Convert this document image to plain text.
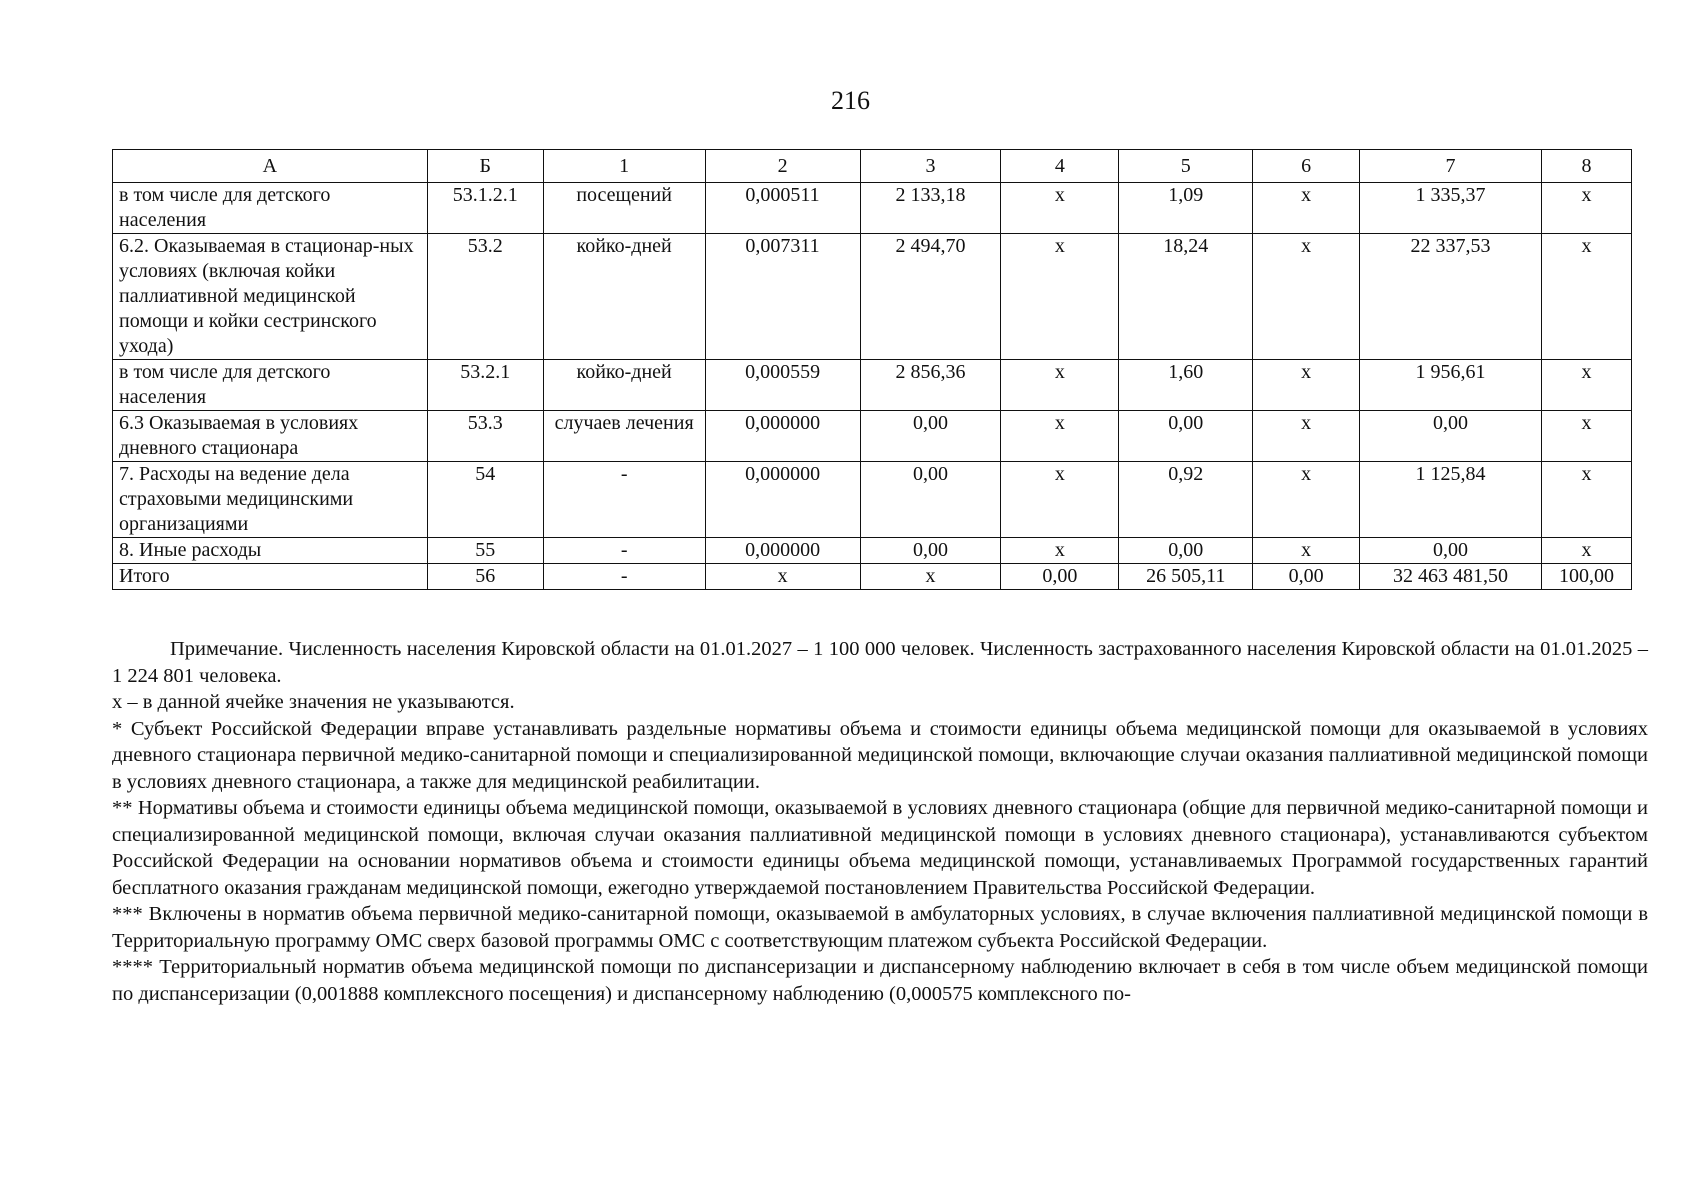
216
А	Б	1	2	3	4	5	6	7	8
в том числе для детского населения	53.1.2.1	посещений	0,000511	2 133,18	х	1,09	х	1 335,37	х
6.2. Оказываемая в стационар-ных условиях (включая койки паллиативной медицинской помощи и койки сестринского ухода)	53.2	койко-дней	0,007311	2 494,70	х	18,24	х	22 337,53	х
в том числе для детского населения	53.2.1	койко-дней	0,000559	2 856,36	х	1,60	х	1 956,61	х
6.3 Оказываемая в условиях дневного стационара	53.3	случаев лечения	0,000000	0,00	х	0,00	х	0,00	х
7. Расходы на ведение дела страховыми медицинскими организациями	54	-	0,000000	0,00	х	0,92	х	1 125,84	х
8. Иные расходы	55	-	0,000000	0,00	х	0,00	х	0,00	х
Итого	56	-	х	х	0,00	26 505,11	0,00	32 463 481,50	100,00

Примечание. Численность населения Кировской области на 01.01.2027 – 1 100 000 человек. Численность застрахованного населения Кировской области на 01.01.2025 – 1 224 801 человека.

х – в данной ячейке значения не указываются.

* Субъект Российской Федерации вправе устанавливать раздельные нормативы объема и стоимости единицы объема медицинской помощи для оказываемой в условиях дневного стационара первичной медико-санитарной помощи и специализированной медицинской помощи, включающие случаи оказания паллиативной медицинской помощи в условиях дневного стационара, а также для медицинской реабилитации.

** Нормативы объема и стоимости единицы объема медицинской помощи, оказываемой в условиях дневного стационара (общие для первичной медико-санитарной помощи и специализированной медицинской помощи, включая случаи оказания паллиативной медицинской помощи в условиях дневного стационара), устанавливаются субъектом Российской Федерации на основании нормативов объема и стоимости единицы объема медицинской помощи, устанавливаемых Программой государственных гарантий бесплатного оказания гражданам медицинской помощи, ежегодно утверждаемой постановлением Правительства Российской Федерации.

*** Включены в норматив объема первичной медико-санитарной помощи, оказываемой в амбулаторных условиях, в случае включения паллиативной медицинской помощи в Территориальную программу ОМС сверх базовой программы ОМС с соответствующим платежом субъекта Российской Федерации.

**** Территориальный норматив объема медицинской помощи по диспансеризации и диспансерному наблюдению включает в себя в том числе объем медицинской помощи по диспансеризации (0,001888 комплексного посещения) и диспансерному наблюдению (0,000575 комплексного по-
